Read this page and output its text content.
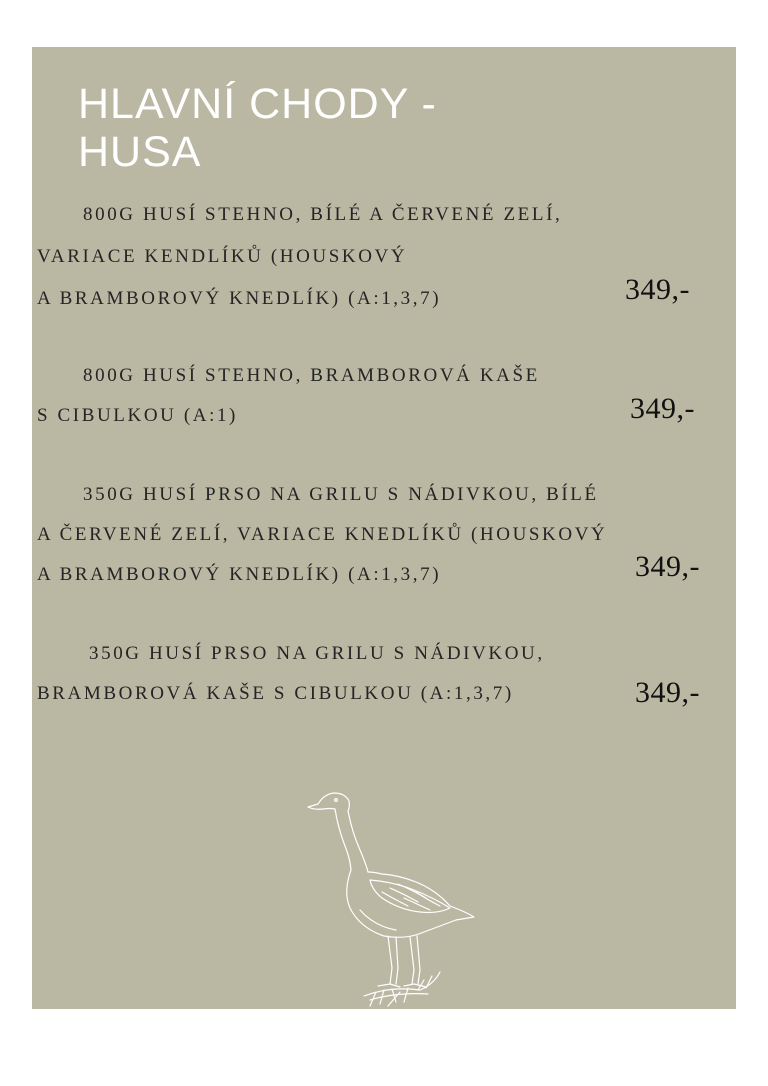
HLAVNÍ CHODY -
HUSA
800G HUSÍ STEHNO, BÍLÉ A ČERVENÉ ZELÍ,
VARIACE KENDLÍKŮ (HOUSKOVÝ
A BRAMBOROVÝ KNEDLÍK) (A:1,3,7)	349,-
800G HUSÍ STEHNO, BRAMBOROVÁ KAŠE
S CIBULKOU (A:1)	349,-
350G HUSÍ PRSO NA GRILU S NÁDIVKOU, BÍLÉ
A ČERVENÉ ZELÍ, VARIACE KNEDLÍKŮ (HOUSKOVÝ
A BRAMBOROVÝ KNEDLÍK) (A:1,3,7)	349,-
350G HUSÍ PRSO NA GRILU S NÁDIVKOU,
BRAMBOROVÁ KAŠE S CIBULKOU (A:1,3,7)	349,-
